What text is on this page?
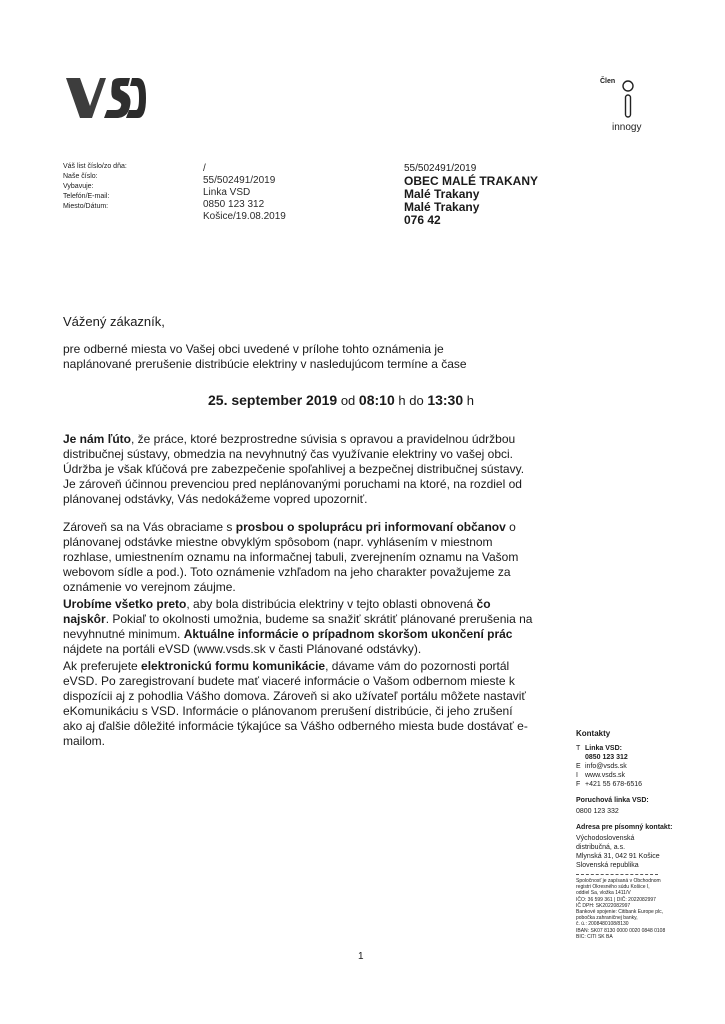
Člen
innogy
Váš list číslo/zo dňa:
Naše číslo:
Vybavuje:
Telefón/E-mail:
Miesto/Dátum:
/
55/502491/2019
Linka VSD
0850 123 312
Košice/19.08.2019
55/502491/2019
OBEC MALÉ TRAKANY
Malé Trakany
Malé Trakany
076 42
Vážený zákazník,
pre odberné miesta vo Vašej obci uvedené v prílohe tohto oznámenia je
naplánované prerušenie distribúcie elektriny v nasledujúcom termíne a čase
25. september 2019 od 08:10 h do 13:30 h
Je nám ľúto, že práce, ktoré bezprostredne súvisia s opravou a pravidelnou údržbou distribučnej sústavy, obmedzia na nevyhnutný čas využívanie elektriny vo vašej obci. Údržba je však kľúčová pre zabezpečenie spoľahlivej a bezpečnej distribučnej sústavy. Je zároveň účinnou prevenciou pred neplánovanými poruchami na ktoré, na rozdiel od plánovanej odstávky, Vás nedokážeme vopred upozorniť.
Zároveň sa na Vás obraciame s prosbou o spoluprácu pri informovaní občanov o plánovanej odstávke miestne obvyklým spôsobom (napr. vyhlásením v miestnom rozhlase, umiestnením oznamu na informačnej tabuli, zverejnením oznamu na Vašom webovom sídle a pod.). Toto oznámenie vzhľadom na jeho charakter považujeme za oznámenie vo verejnom záujme.
Urobíme všetko preto, aby bola distribúcia elektriny v tejto oblasti obnovená čo najskôr. Pokiaľ to okolnosti umožnia, budeme sa snažiť skrátiť plánované prerušenia na nevyhnutné minimum. Aktuálne informácie o prípadnom skoršom ukončení prác nájdete na portáli eVSD (www.vsds.sk v časti Plánované odstávky).
Ak preferujete elektronickú formu komunikácie, dávame vám do pozornosti portál eVSD. Po zaregistrovaní budete mať viaceré informácie o Vašom odbernom mieste k dispozícii aj z pohodlia Vášho domova. Zároveň si ako užívateľ portálu môžete nastaviť eKomunikáciu s VSD. Informácie o plánovanom prerušení distribúcie, či jeho zrušení ako aj ďalšie dôležité informácie týkajúce sa Vášho odberného miesta bude dostávať e-mailom.
Kontakty
T Linka VSD:
0850 123 312
E info@vsds.sk
I www.vsds.sk
F +421 55 678-6516
Poruchová linka VSD:
0800 123 332
Adresa pre písomný kontakt:
Východoslovenská
distribučná, a.s.
Mlynská 31, 042 91 Košice
Slovenská republika
Spoločnosť je zapísaná v Obchodnom
registri Okresného súdu Košice I,
oddiel Sa, vložka 1411/V
IČO: 36 599 361 | DIČ: 2022082997
IČ DPH: SK2022082997
Bankové spojenie: Citibank Europe plc,
pobočka zahraničnej banky,
č. ú.: 2008480108/8130
IBAN: SK07 8130 0000 0020 0848 0108
BIC: CITI SK BA
1
